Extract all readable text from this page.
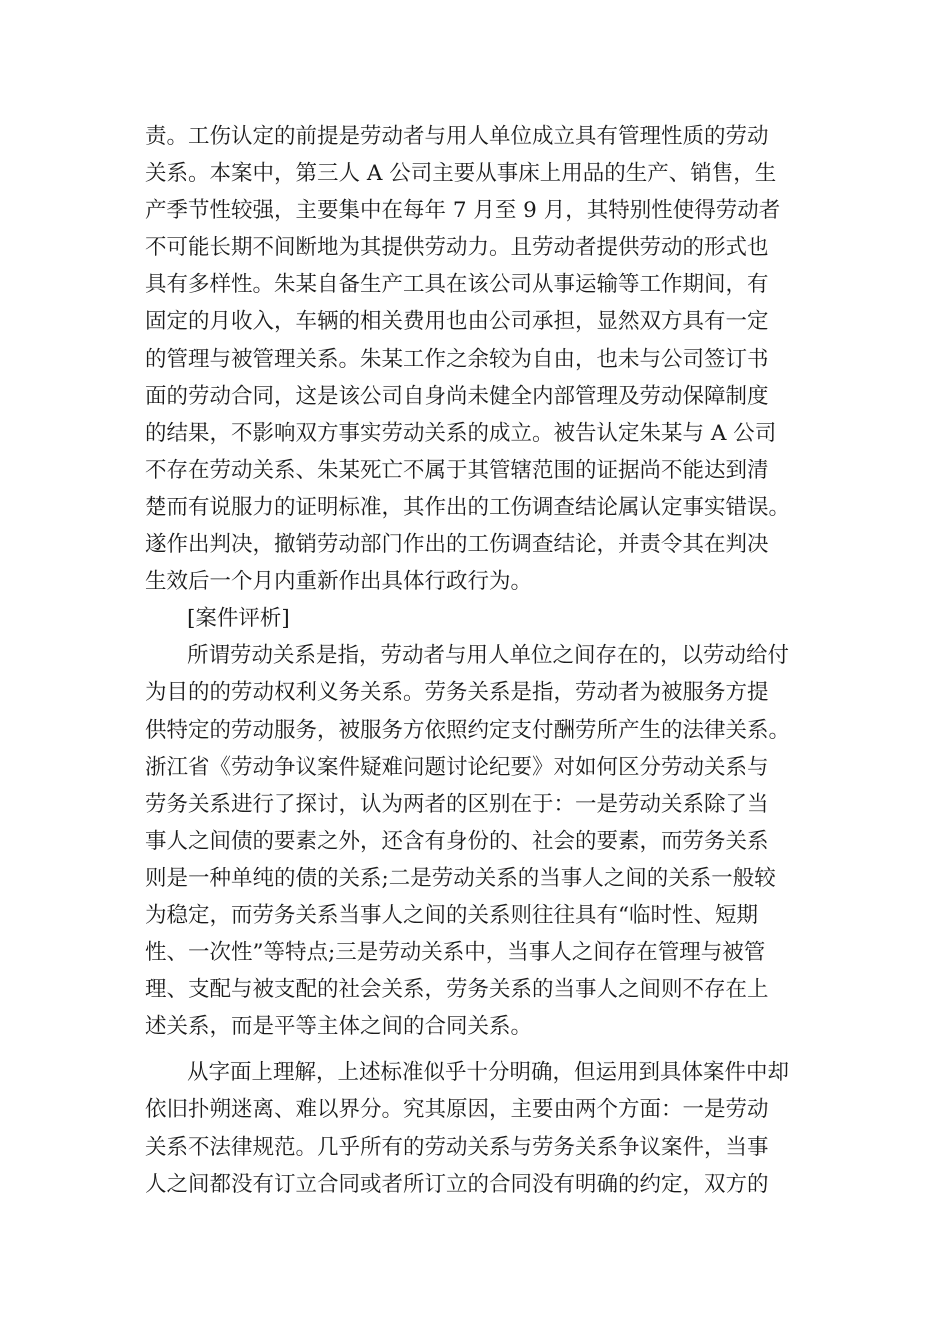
责。工伤认定的前提是劳动者与用人单位成立具有管理性质的劳动
关系。本案中，第三人 A 公司主要从事床上用品的生产、销售，生
产季节性较强，主要集中在每年 7 月至 9 月，其特别性使得劳动者
不可能长期不间断地为其提供劳动力。且劳动者提供劳动的形式也
具有多样性。朱某自备生产工具在该公司从事运输等工作期间，有
固定的月收入，车辆的相关费用也由公司承担，显然双方具有一定
的管理与被管理关系。朱某工作之余较为自由，也未与公司签订书
面的劳动合同，这是该公司自身尚未健全内部管理及劳动保障制度
的结果，不影响双方事实劳动关系的成立。被告认定朱某与 A 公司
不存在劳动关系、朱某死亡不属于其管辖范围的证据尚不能达到清
楚而有说服力的证明标准，其作出的工伤调查结论属认定事实错误。
遂作出判决，撤销劳动部门作出的工伤调查结论，并责令其在判决
生效后一个月内重新作出具体行政行为。
[案件评析]
所谓劳动关系是指，劳动者与用人单位之间存在的，以劳动给付
为目的的劳动权利义务关系。劳务关系是指，劳动者为被服务方提
供特定的劳动服务，被服务方依照约定支付酬劳所产生的法律关系。
浙江省《劳动争议案件疑难问题讨论纪要》对如何区分劳动关系与
劳务关系进行了探讨，认为两者的区别在于：一是劳动关系除了当
事人之间债的要素之外，还含有身份的、社会的要素，而劳务关系
则是一种单纯的债的关系;二是劳动关系的当事人之间的关系一般较
为稳定，而劳务关系当事人之间的关系则往往具有“临时性、短期
性、一次性”等特点;三是劳动关系中，当事人之间存在管理与被管
理、支配与被支配的社会关系，劳务关系的当事人之间则不存在上
述关系，而是平等主体之间的合同关系。
从字面上理解，上述标准似乎十分明确，但运用到具体案件中却
依旧扑朔迷离、难以界分。究其原因，主要由两个方面：一是劳动
关系不法律规范。几乎所有的劳动关系与劳务关系争议案件，当事
人之间都没有订立合同或者所订立的合同没有明确的约定，双方的
